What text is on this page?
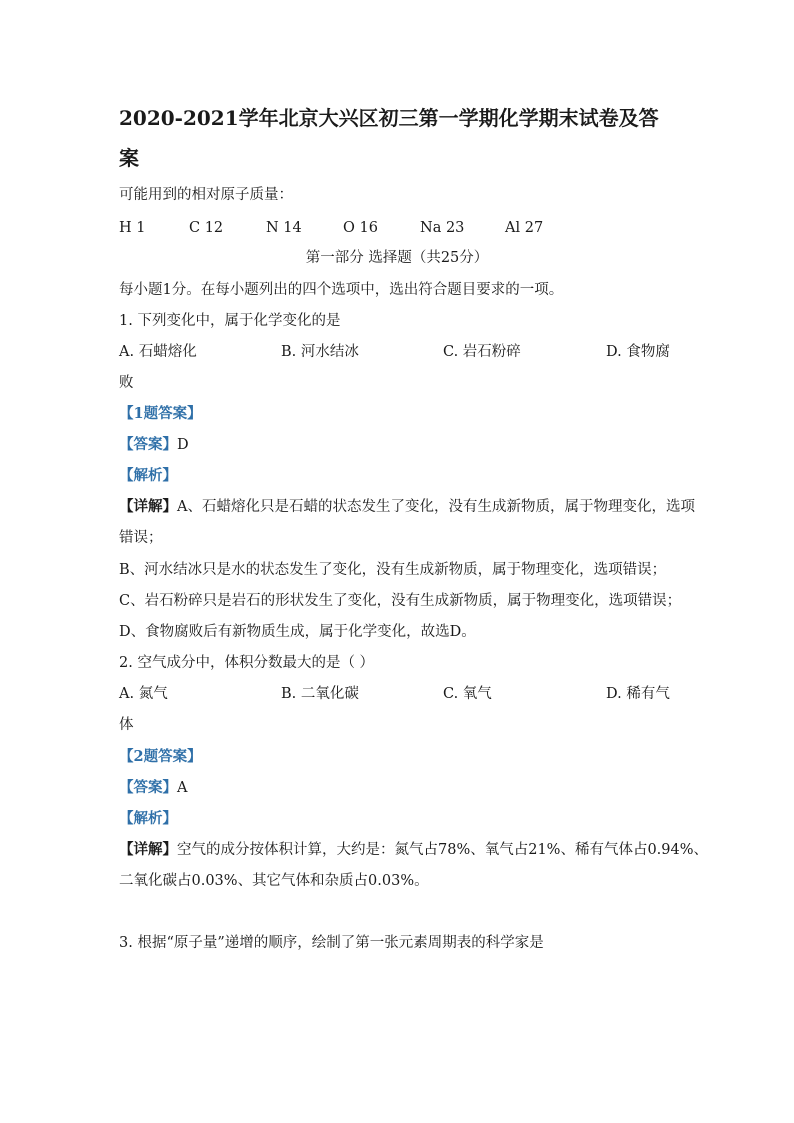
2020-2021学年北京大兴区初三第一学期化学期末试卷及答
案
可能用到的相对原子质量：
H 1	C 12	N 14	O 16	Na 23	Al 27
第一部分 选择题（共25分）
每小题1分。在每小题列出的四个选项中，选出符合题目要求的一项。
1. 下列变化中，属于化学变化的是
A. 石蜡熔化	B. 河水结冰	C. 岩石粉碎	D. 食物腐
败
【1题答案】
【答案】D
【解析】
【详解】A、石蜡熔化只是石蜡的状态发生了变化，没有生成新物质，属于物理变化，选项
错误；
B、河水结冰只是水的状态发生了变化，没有生成新物质，属于物理变化，选项错误；
C、岩石粉碎只是岩石的形状发生了变化，没有生成新物质，属于物理变化，选项错误；
D、食物腐败后有新物质生成，属于化学变化，故选D。
2. 空气成分中，体积分数最大的是（ ）
A. 氮气	B. 二氧化碳	C. 氧气	D. 稀有气
体
【2题答案】
【答案】A
【解析】
【详解】空气的成分按体积计算，大约是：氮气占78%、氧气占21%、稀有气体占0.94%、
二氧化碳占0.03%、其它气体和杂质占0.03%。
3. 根据“原子量”递增的顺序，绘制了第一张元素周期表的科学家是
